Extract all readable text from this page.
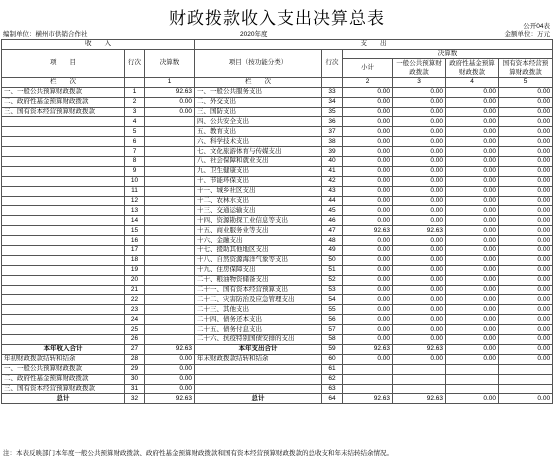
财政拨款收入支出决算总表	公开04表
编制单位：横州市供销合作社	2020年度	金额单位：万元
收　　入			支　　出					
项　　目	行次	决算数	项目（按功能分类）	行次	决算数			
					小计	一般公共预算财政拨款	政府性基金预算财政拨款	国有资本经营预算财政拨款

栏　　次		1	栏　　次		2	3	4	5
一、一般公共预算财政拨款	1	92.63	一、一般公共服务支出	33	0.00	0.00	0.00	0.00
二、政府性基金预算财政拨款	2	0.00	二、外交支出	34	0.00	0.00	0.00	0.00
三、国有资本经营预算财政拨款	3	0.00	三、国防支出	35	0.00	0.00	0.00	0.00
	4		四、公共安全支出	36	0.00	0.00	0.00	0.00
	5		五、教育支出	37	0.00	0.00	0.00	0.00
	6		六、科学技术支出	38	0.00	0.00	0.00	0.00
	7		七、文化旅游体育与传媒支出	39	0.00	0.00	0.00	0.00
	8		八、社会保障和就业支出	40	0.00	0.00	0.00	0.00
	9		九、卫生健康支出	41	0.00	0.00	0.00	0.00
	10		十、节能环保支出	42	0.00	0.00	0.00	0.00
	11		十一、城乡社区支出	43	0.00	0.00	0.00	0.00
	12		十二、农林水支出	44	0.00	0.00	0.00	0.00
	13		十三、交通运输支出	45	0.00	0.00	0.00	0.00
	14		十四、资源勘探工业信息等支出	46	0.00	0.00	0.00	0.00
	15		十五、商业服务业等支出	47	92.63	92.63	0.00	0.00
	16		十六、金融支出	48	0.00	0.00	0.00	0.00
	17		十七、援助其他地区支出	49	0.00	0.00	0.00	0.00
	18		十八、自然资源海洋气象等支出	50	0.00	0.00	0.00	0.00
	19		十九、住房保障支出	51	0.00	0.00	0.00	0.00
	20		二十、粮油物资储备支出	52	0.00	0.00	0.00	0.00
	21		二十一、国有资本经营预算支出	53	0.00	0.00	0.00	0.00
	22		二十二、灾害防治及应急管理支出	54	0.00	0.00	0.00	0.00
	23		二十三、其他支出	55	0.00	0.00	0.00	0.00
	24		二十四、债务还本支出	56	0.00	0.00	0.00	0.00
	25		二十五、债务付息支出	57	0.00	0.00	0.00	0.00
	26		二十六、抗疫特别国债安排的支出	58	0.00	0.00	0.00	0.00
本年收入合计	27	92.63	本年支出合计	59	92.63	92.63	0.00	0.00
年初财政拨款结转和结余	28	0.00	年末财政拨款结转和结余	60	0.00	0.00	0.00	0.00
一、一般公共预算财政拨款	29	0.00		61				
二、政府性基金预算财政拨款	30	0.00		62				
三、国有资本经营预算财政拨款	31	0.00		63				
总计	32	92.63	总计	64	92.63	92.63	0.00	0.00
注：本表反映部门本年度一般公共预算财政拨款、政府性基金预算财政拨款和国有资本经营预算财政拨款的总收支和年末结转结余情况。
